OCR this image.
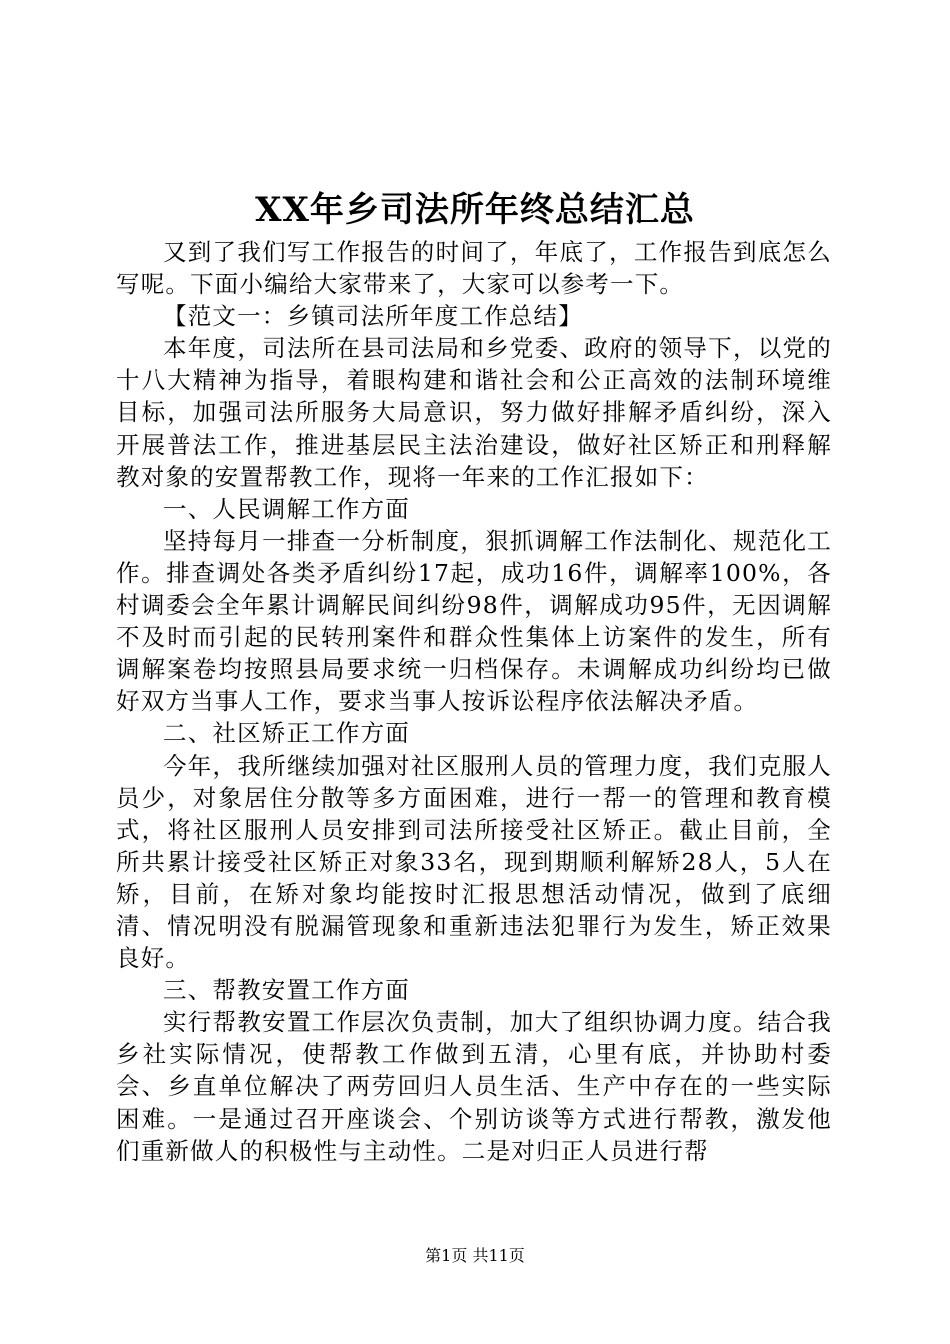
XX年乡司法所年终总结汇总

又到了我们写工作报告的时间了，年底了，工作报告到底怎么写呢。下面小编给大家带来了，大家可以参考一下。

【范文一：乡镇司法所年度工作总结】

本年度，司法所在县司法局和乡党委、政府的领导下，以党的十八大精神为指导，着眼构建和谐社会和公正高效的法制环境维目标，加强司法所服务大局意识，努力做好排解矛盾纠纷，深入开展普法工作，推进基层民主法治建设，做好社区矫正和刑释解教对象的安置帮教工作，现将一年来的工作汇报如下：

一、人民调解工作方面

坚持每月一排查一分析制度，狠抓调解工作法制化、规范化工作。排查调处各类矛盾纠纷17起，成功16件，调解率100%，各村调委会全年累计调解民间纠纷98件，调解成功95件，无因调解不及时而引起的民转刑案件和群众性集体上访案件的发生，所有调解案卷均按照县局要求统一归档保存。未调解成功纠纷均已做好双方当事人工作，要求当事人按诉讼程序依法解决矛盾。

二、社区矫正工作方面

今年，我所继续加强对社区服刑人员的管理力度，我们克服人员少，对象居住分散等多方面困难，进行一帮一的管理和教育模式，将社区服刑人员安排到司法所接受社区矫正。截止目前，全所共累计接受社区矫正对象33名，现到期顺利解矫28人，5人在矫，目前，在矫对象均能按时汇报思想活动情况，做到了底细清、情况明没有脱漏管现象和重新违法犯罪行为发生，矫正效果良好。

三、帮教安置工作方面

实行帮教安置工作层次负责制，加大了组织协调力度。结合我乡社实际情况，使帮教工作做到五清，心里有底，并协助村委会、乡直单位解决了两劳回归人员生活、生产中存在的一些实际困难。一是通过召开座谈会、个别访谈等方式进行帮教，激发他们重新做人的积极性与主动性。二是对归正人员进行帮

第1页 共11页
